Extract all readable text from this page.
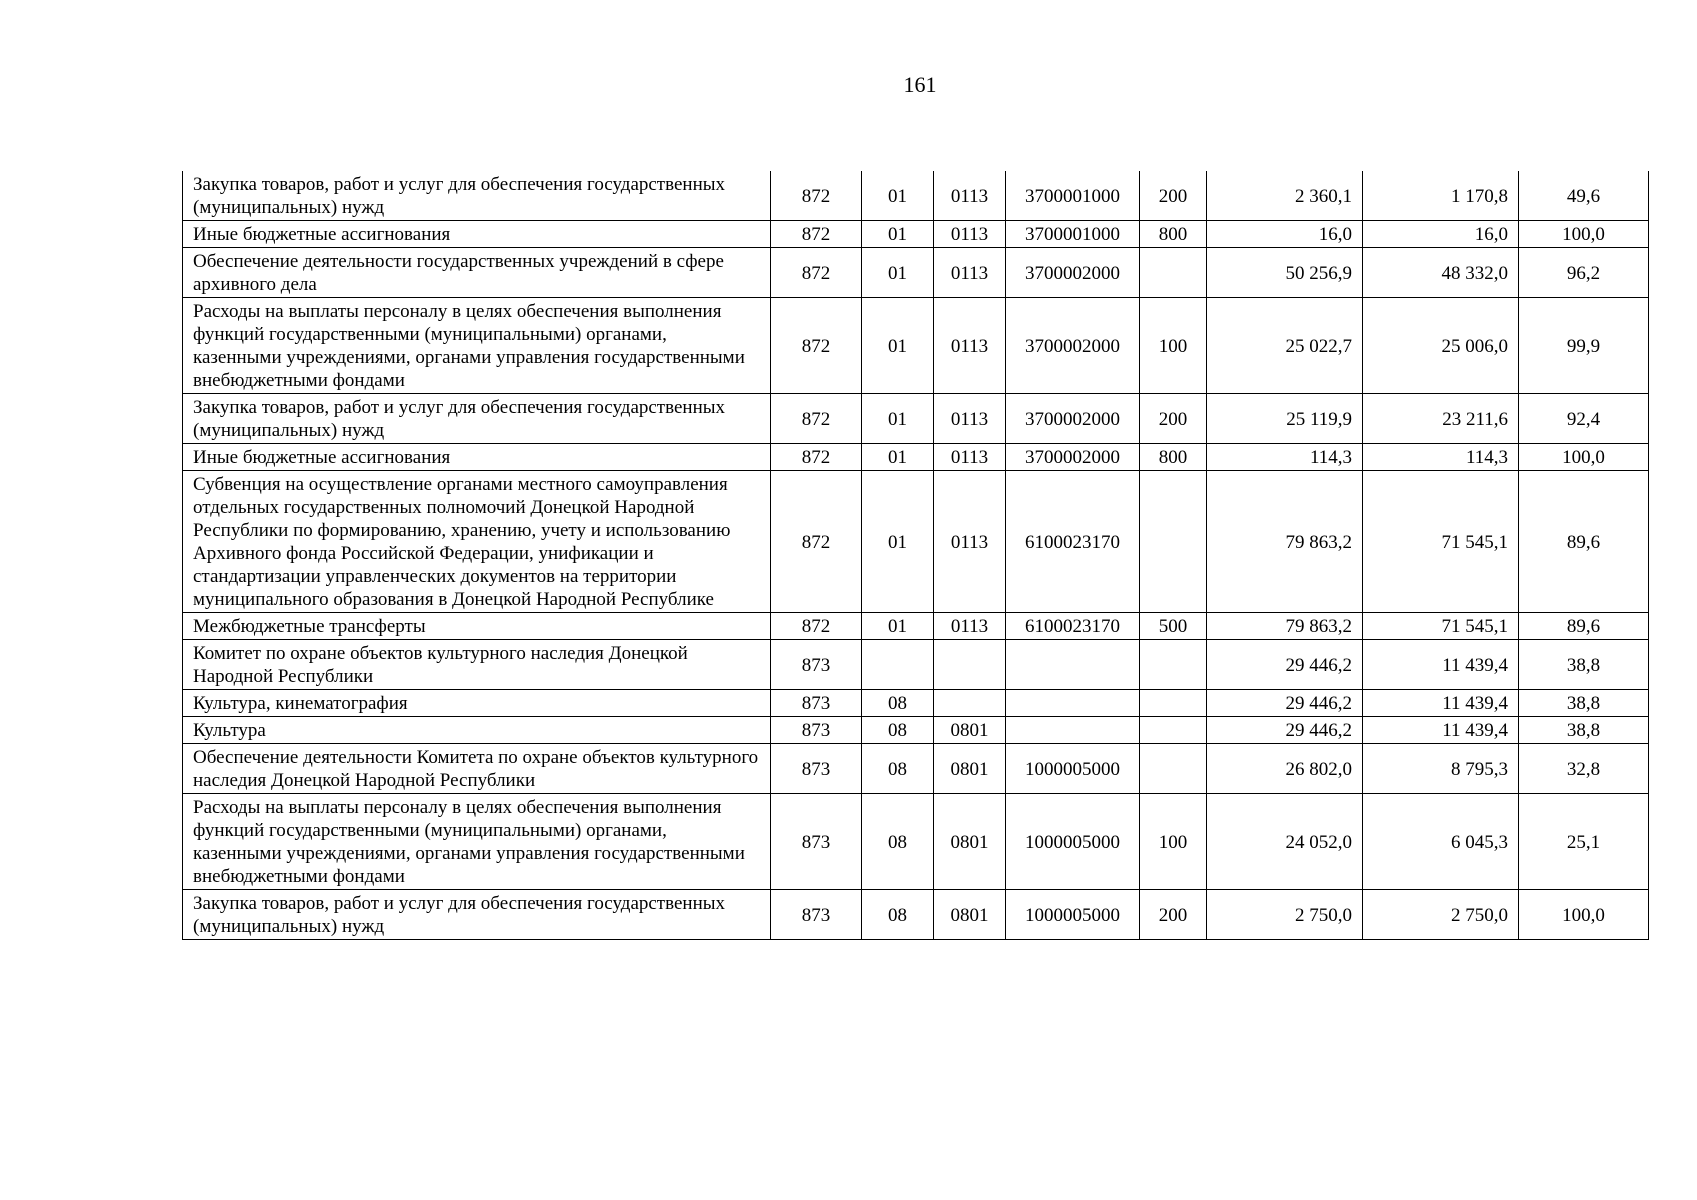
161
Закупка товаров, работ и услуг для обеспечения государственных (муниципальных) нужд	872	01	0113	3700001000	200	2 360,1	1 170,8	49,6
Иные бюджетные ассигнования	872	01	0113	3700001000	800	16,0	16,0	100,0
Обеспечение деятельности государственных учреждений в сфере архивного дела	872	01	0113	3700002000		50 256,9	48 332,0	96,2
Расходы на выплаты персоналу в целях обеспечения выполнения функций государственными (муниципальными) органами, казенными учреждениями, органами управления государственными внебюджетными фондами	872	01	0113	3700002000	100	25 022,7	25 006,0	99,9
Закупка товаров, работ и услуг для обеспечения государственных (муниципальных) нужд	872	01	0113	3700002000	200	25 119,9	23 211,6	92,4
Иные бюджетные ассигнования	872	01	0113	3700002000	800	114,3	114,3	100,0
Субвенция на осуществление органами местного самоуправления отдельных государственных полномочий Донецкой Народной Республики по формированию, хранению, учету и использованию Архивного фонда Российской Федерации, унификации и стандартизации управленческих документов на территории муниципального образования в Донецкой Народной Республике	872	01	0113	6100023170		79 863,2	71 545,1	89,6
Межбюджетные трансферты	872	01	0113	6100023170	500	79 863,2	71 545,1	89,6
Комитет по охране объектов культурного наследия Донецкой Народной Республики	873					29 446,2	11 439,4	38,8
Культура, кинематография	873	08				29 446,2	11 439,4	38,8
Культура	873	08	0801			29 446,2	11 439,4	38,8
Обеспечение деятельности Комитета по охране объектов культурного наследия Донецкой Народной Республики	873	08	0801	1000005000		26 802,0	8 795,3	32,8
Расходы на выплаты персоналу в целях обеспечения выполнения функций государственными (муниципальными) органами, казенными учреждениями, органами управления государственными внебюджетными фондами	873	08	0801	1000005000	100	24 052,0	6 045,3	25,1
Закупка товаров, работ и услуг для обеспечения государственных (муниципальных) нужд	873	08	0801	1000005000	200	2 750,0	2 750,0	100,0
